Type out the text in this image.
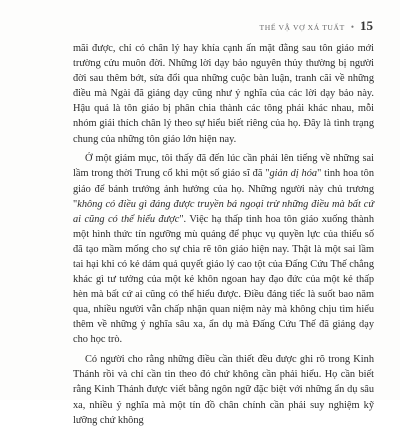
THẾ VẬ VỢ XÁ TUẤT • 15

mãi được, chỉ có chân lý hay khía cạnh ấn mặt đằng sau tôn giáo mới trường cửu muôn đời. Những lời dạy bảo nguyên thủy thường bị người đời sau thêm bớt, sửa đổi qua những cuộc bàn luận, tranh cãi về những điều mà Ngài đã giảng dạy cũng như ý nghĩa của các lời dạy bảo này. Hậu quả là tôn giáo bị phân chia thành các tông phái khác nhau, mỗi nhóm giải thích chân lý theo sự hiểu biết riêng của họ. Đây là tình trạng chung của những tôn giáo lớn hiện nay.

Ở một giám mục, tôi thấy đã đến lúc cần phải lên tiếng về những sai lầm trong thời Trung cổ khi một số giáo sĩ đã "giản dị hóa" tinh hoa tôn giáo để bảnh trướng ảnh hưởng của họ. Những người này chủ trương "không có điều gì đáng được truyền bá ngoại trừ những điều mà bất cứ ai cũng có thể hiểu được". Việc hạ thấp tinh hoa tôn giáo xuống thành một hình thức tín ngưỡng mù quáng để phục vụ quyền lực của thiểu số đã tạo mầm mống cho sự chia rẽ tôn giáo hiện nay. Thật là một sai lầm tai hại khi có kẻ dám quả quyết giáo lý cao tột của Đấng Cứu Thế chẳng khác gì tư tưởng của một kẻ khôn ngoan hay đạo đức của một kẻ thấp hèn mà bất cứ ai cũng có thể hiểu được. Điều đáng tiếc là suốt bao năm qua, nhiều người vẫn chấp nhận quan niệm này mà không chịu tìm hiểu thêm về những ý nghĩa sâu xa, ẩn dụ mà Đấng Cứu Thế đã giảng dạy cho học trò.

Có người cho rằng những điều cần thiết đều được ghi rõ trong Kinh Thánh rồi và chỉ cần tin theo đó chứ không cần phải hiểu. Họ cần biết rằng Kinh Thánh được viết bằng ngôn ngữ đặc biệt với những ẩn dụ sâu xa, nhiều ý nghĩa mà một tín đồ chân chính cần phải suy nghiệm kỹ lưỡng chứ không
